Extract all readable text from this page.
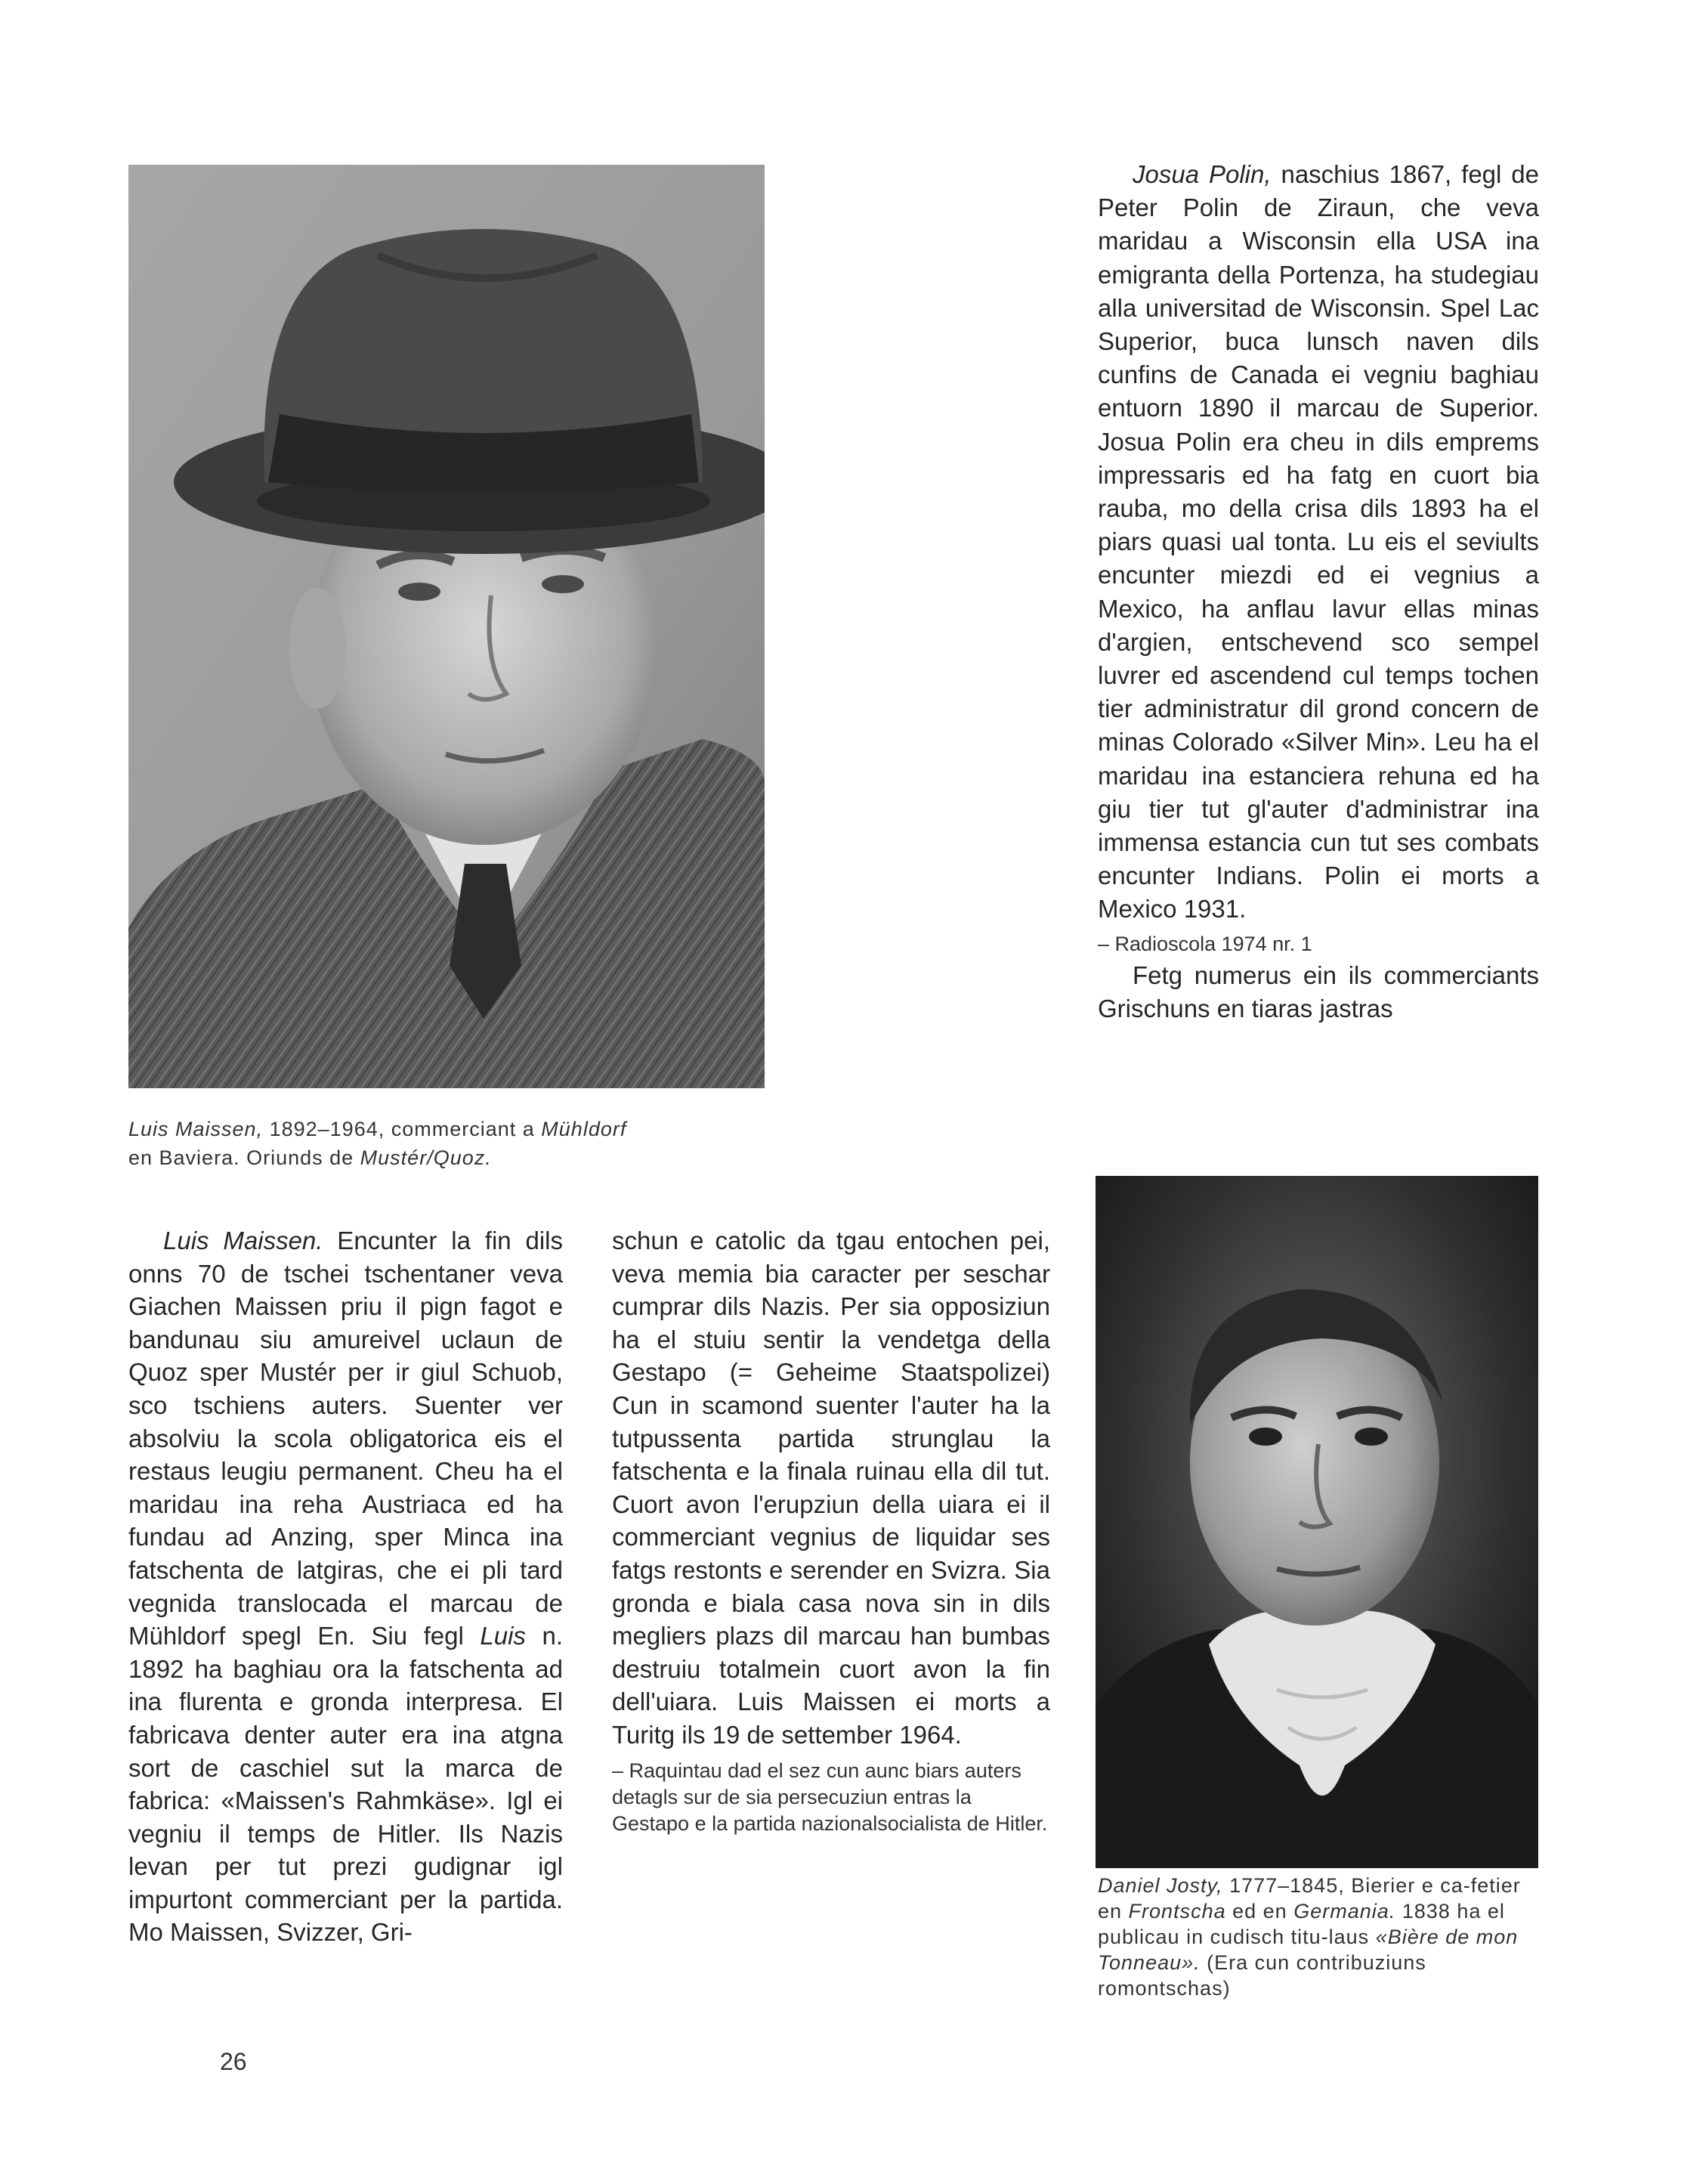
Luis Maissen, 1892–1964, commerciant a Mühldorf
en Baviera. Oriunds de Mustér/Quoz.

Josua Polin, naschius 1867, fegl de Peter Polin de Ziraun, che veva maridau a Wisconsin ella USA ina emigranta della Portenza, ha studegiau alla universitad de Wisconsin. Spel Lac Superior, buca lunsch naven dils cunfins de Canada ei vegniu baghiau entuorn 1890 il marcau de Superior. Josua Polin era cheu in dils emprems impressaris ed ha fatg en cuort bia rauba, mo della crisa dils 1893 ha el piars quasi ual tonta. Lu eis el seviults encunter miezdi ed ei vegnius a Mexico, ha anflau lavur ellas minas d'argien, entschevend sco sempel luvrer ed ascendend cul temps tochen tier administratur dil grond concern de minas Colorado «Silver Min». Leu ha el maridau ina estanciera rehuna ed ha giu tier tut gl'auter d'administrar ina immensa estancia cun tut ses combats encunter Indians. Polin ei morts a Mexico 1931.

– Radioscola 1974 nr. 1

Fetg numerus ein ils commerciants Grischuns en tiaras jastras

Daniel Josty, 1777–1845, Bierier e ca-fetier en Frontscha ed en Germania. 1838 ha el publicau in cudisch titu-laus «Bière de mon Tonneau». (Era cun contribuziuns romontschas)

Luis Maissen. Encunter la fin dils onns 70 de tschei tschentaner veva Giachen Maissen priu il pign fagot e bandunau siu amureivel uclaun de Quoz sper Mustér per ir giul Schuob, sco tschiens auters. Suenter ver absolviu la scola obligatorica eis el restaus leugiu permanent. Cheu ha el maridau ina reha Austriaca ed ha fundau ad Anzing, sper Minca ina fatschenta de latgiras, che ei pli tard vegnida translocada el marcau de Mühldorf spegl En. Siu fegl Luis n. 1892 ha baghiau ora la fatschenta ad ina flurenta e gronda interpresa. El fabricava denter auter era ina atgna sort de caschiel sut la marca de fabrica: «Maissen's Rahmkäse». Igl ei vegniu il temps de Hitler. Ils Nazis levan per tut prezi gudignar igl impurtont commerciant per la partida. Mo Maissen, Svizzer, Gri-

schun e catolic da tgau entochen pei, veva memia bia caracter per seschar cumprar dils Nazis. Per sia opposiziun ha el stuiu sentir la vendetga della Gestapo (= Geheime Staatspolizei) Cun in scamond suenter l'auter ha la tutpussenta partida strunglau la fatschenta e la finala ruinau ella dil tut. Cuort avon l'erupziun della uiara ei il commerciant vegnius de liquidar ses fatgs restonts e serender en Svizra. Sia gronda e biala casa nova sin in dils megliers plazs dil marcau han bumbas destruiu totalmein cuort avon la fin dell'uiara. Luis Maissen ei morts a Turitg ils 19 de settember 1964.

– Raquintau dad el sez cun aunc biars auters detagls sur de sia persecuziun entras la Gestapo e la partida nazionalsocialista de Hitler.

26
